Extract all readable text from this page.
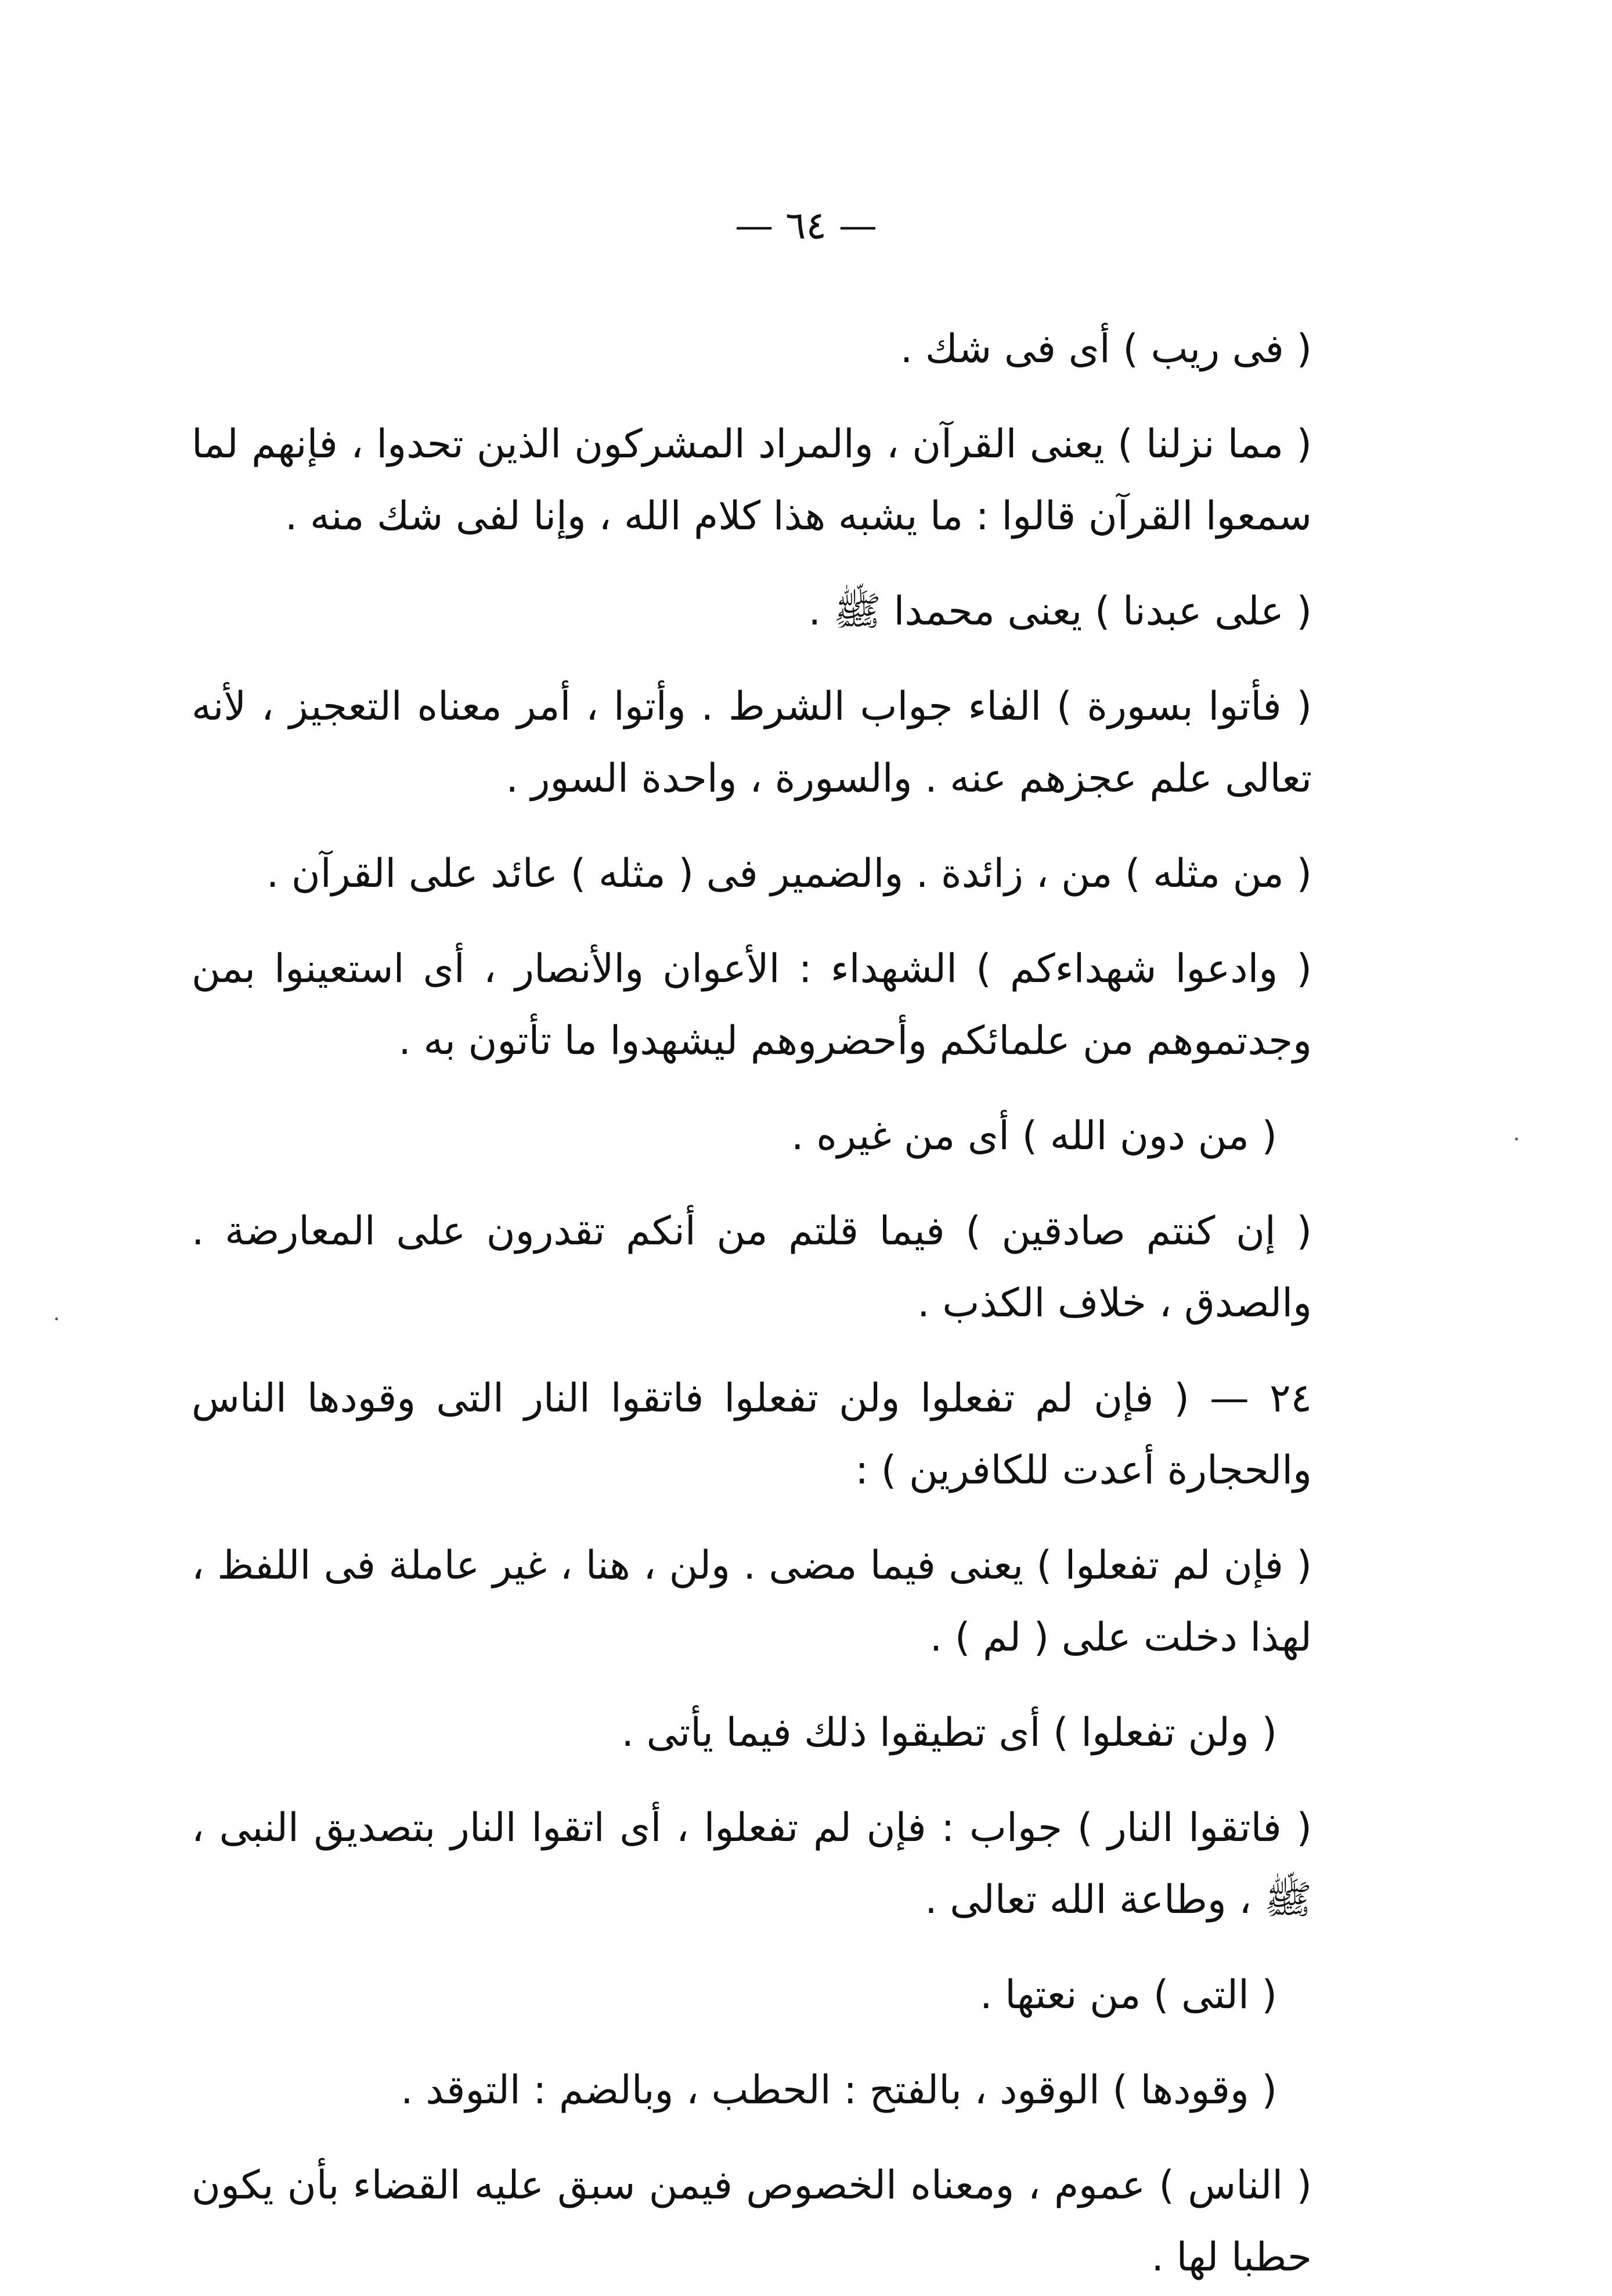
— ٦٤ —

( فى ريب ) أى فى شك .

( مما نزلنا ) يعنى القرآن ، والمراد المشركون الذين تحدوا ، فإنهم لما سمعوا القرآن قالوا : ما يشبه هذا كلام الله ، وإنا لفى شك منه .

( على عبدنا ) يعنى محمدا ﷺ .

( فأتوا بسورة ) الفاء جواب الشرط . وأتوا ، أمر معناه التعجيز ، لأنه تعالى علم عجزهم عنه . والسورة ، واحدة السور .

( من مثله ) من ، زائدة . والضمير فى ( مثله ) عائد على القرآن .

( وادعوا شهداءكم ) الشهداء : الأعوان والأنصار ، أى استعينوا بمن وجدتموهم من علمائكم وأحضروهم ليشهدوا ما تأتون به .

( من دون الله ) أى من غيره .

( إن كنتم صادقين ) فيما قلتم من أنكم تقدرون على المعارضة . والصدق ، خلاف الكذب .

٢٤ — ( فإن لم تفعلوا ولن تفعلوا فاتقوا النار التى وقودها الناس والحجارة أعدت للكافرين ) :

( فإن لم تفعلوا ) يعنى فيما مضى . ولن ، هنا ، غير عاملة فى اللفظ ، لهذا دخلت على ( لم ) .

( ولن تفعلوا ) أى تطيقوا ذلك فيما يأتى .

( فاتقوا النار ) جواب : فإن لم تفعلوا ، أى اتقوا النار بتصديق النبى ، ﷺ ، وطاعة الله تعالى .

( التى ) من نعتها .

( وقودها ) الوقود ، بالفتح : الحطب ، وبالضم : التوقد .

( الناس ) عموم ، ومعناه الخصوص فيمن سبق عليه القضاء بأن يكون حطبا لها .
